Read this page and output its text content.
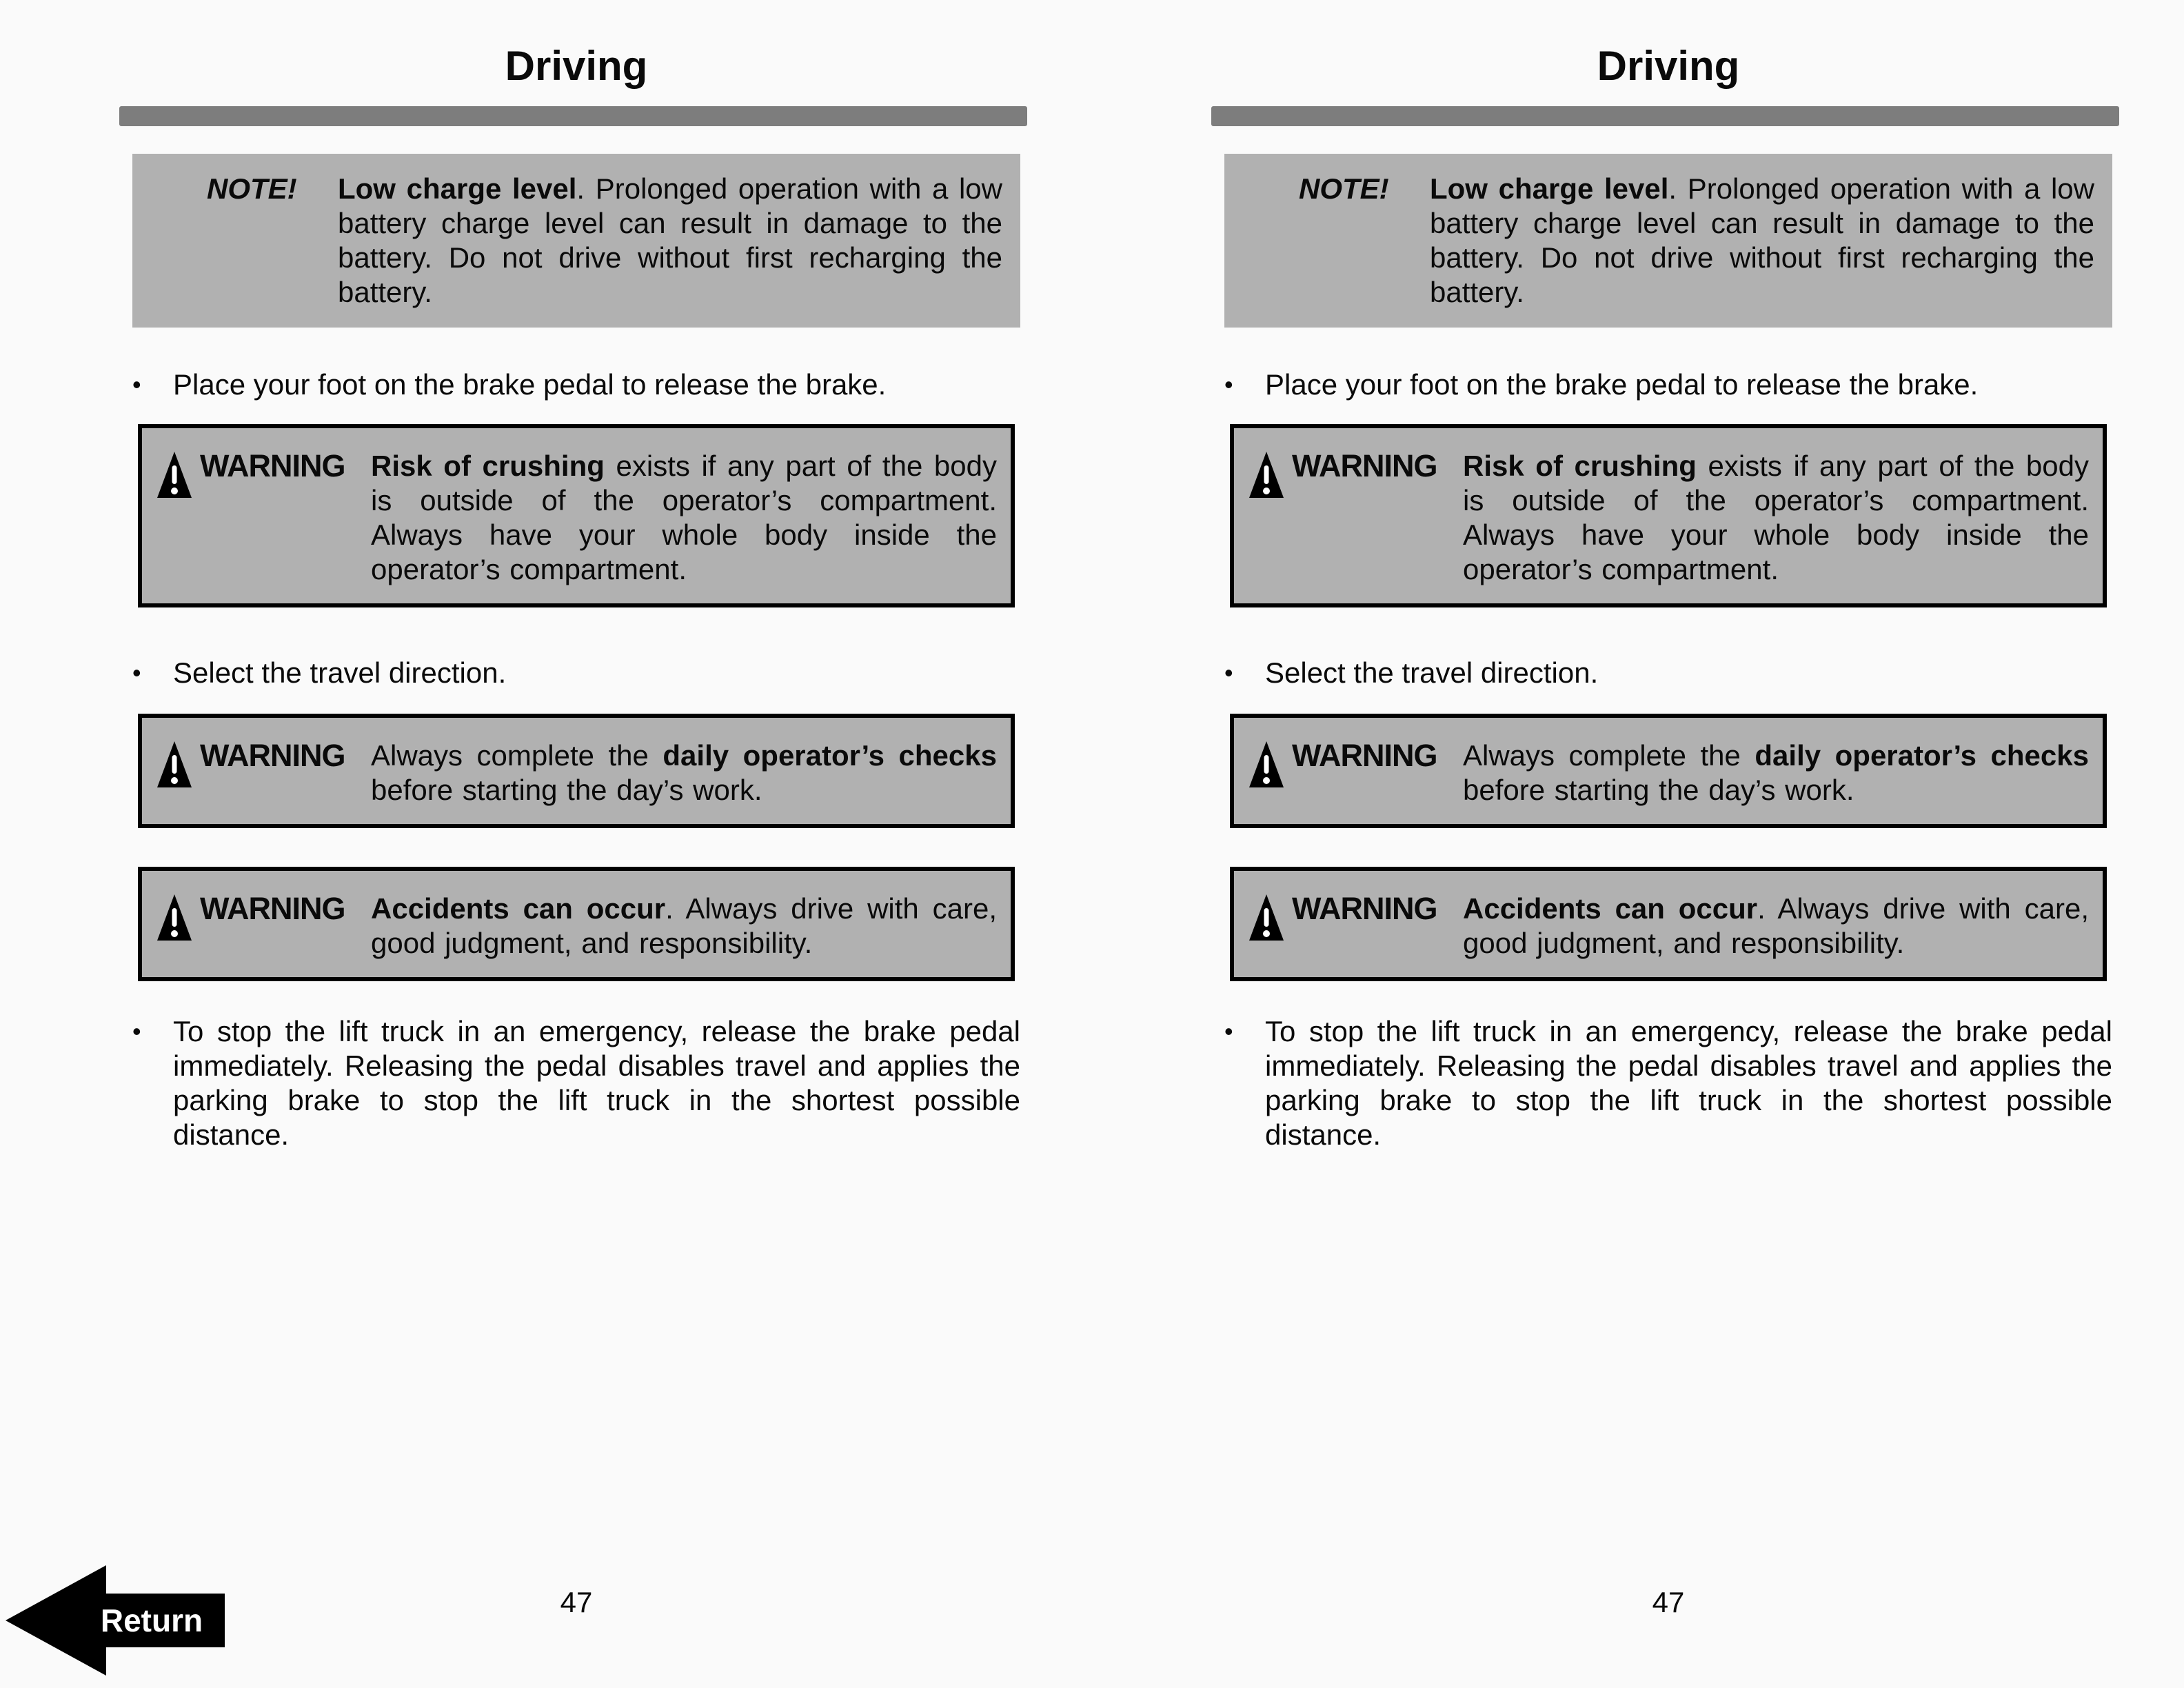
Driving
NOTE!	Low charge level. Prolonged operation with a low battery charge level can result in damage to the battery. Do not drive without first recharging the battery.

•	Place your foot on the brake pedal to release the brake.

WARNING Risk of crushing exists if any part of the body is outside of the operator’s compartment. Always have your whole body inside the operator’s compartment.

•	Select the travel direction.

WARNING Always complete the daily operator’s checks before starting the day’s work.

WARNING Accidents can occur. Always drive with care, good judgment, and responsibility.

•	To stop the lift truck in an emergency, release the brake pedal immediately. Releasing the pedal disables travel and applies the parking brake to stop the lift truck in the shortest possible distance.

47
Driving
NOTE!	Low charge level. Prolonged operation with a low battery charge level can result in damage to the battery. Do not drive without first recharging the battery.

•	Place your foot on the brake pedal to release the brake.

WARNING Risk of crushing exists if any part of the body is outside of the operator’s compartment. Always have your whole body inside the operator’s compartment.

•	Select the travel direction.

WARNING Always complete the daily operator’s checks before starting the day’s work.

WARNING Accidents can occur. Always drive with care, good judgment, and responsibility.

•	To stop the lift truck in an emergency, release the brake pedal immediately. Releasing the pedal disables travel and applies the parking brake to stop the lift truck in the shortest possible distance.

47
Return
